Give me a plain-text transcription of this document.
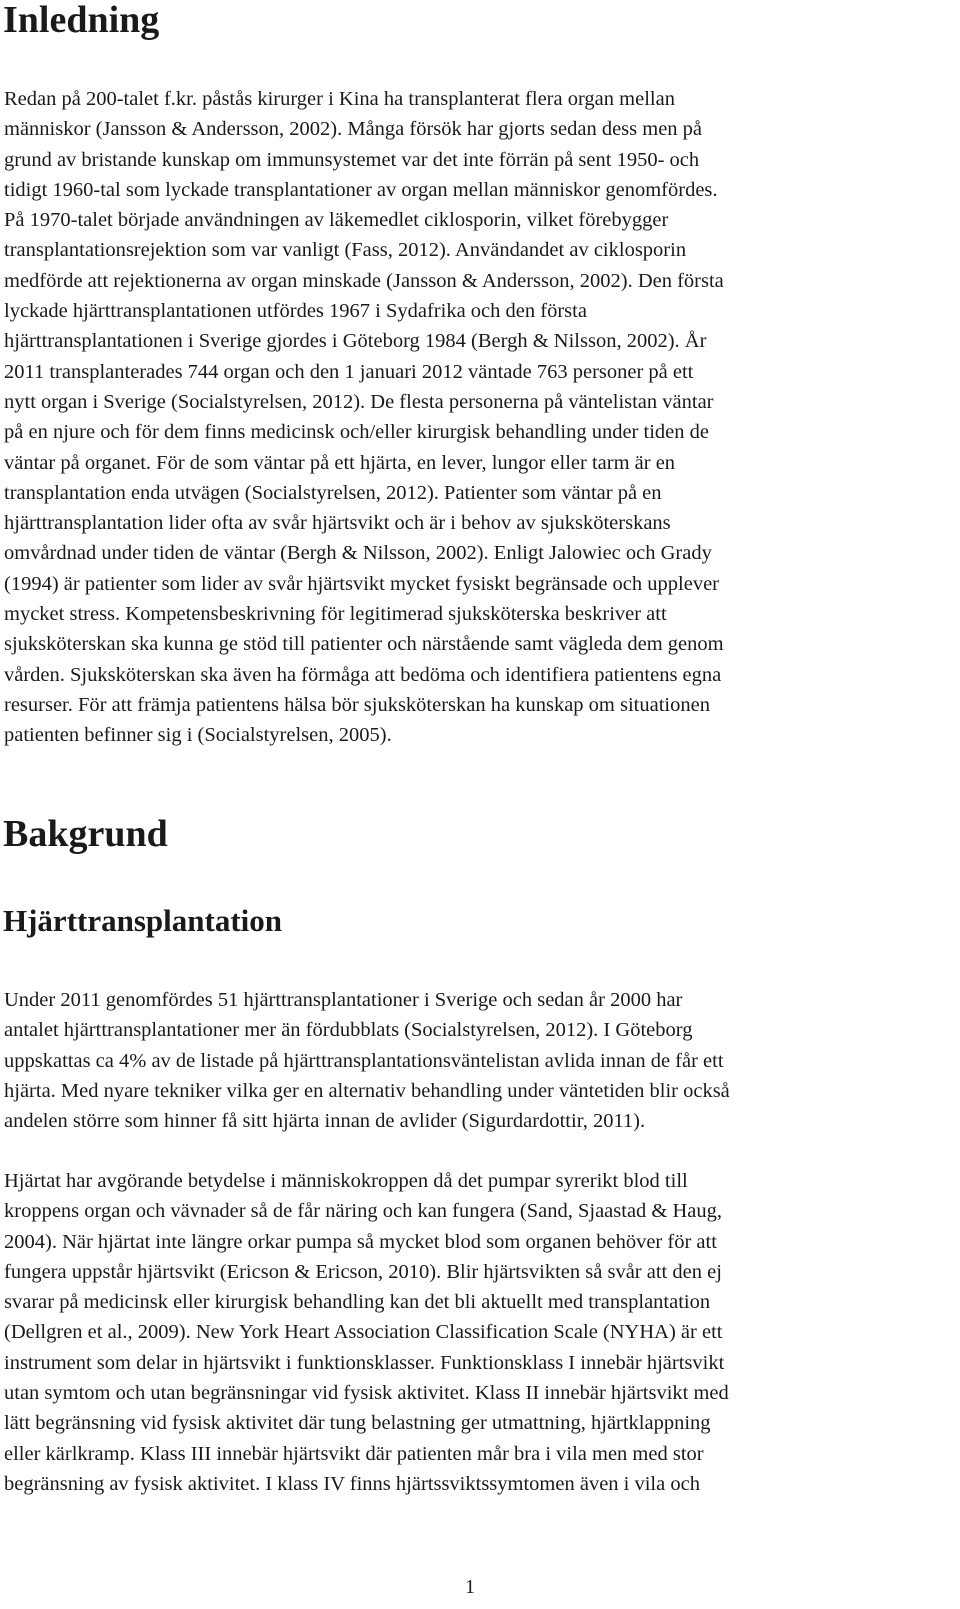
Inledning
Redan på 200-talet f.kr. påstås kirurger i Kina ha transplanterat flera organ mellan
människor (Jansson & Andersson, 2002). Många försök har gjorts sedan dess men på
grund av bristande kunskap om immunsystemet var det inte förrän på sent 1950- och
tidigt 1960-tal som lyckade transplantationer av organ mellan människor genomfördes.
På 1970-talet började användningen av läkemedlet ciklosporin, vilket förebygger
transplantationsrejektion som var vanligt (Fass, 2012). Användandet av ciklosporin
medförde att rejektionerna av organ minskade (Jansson & Andersson, 2002). Den första
lyckade hjärttransplantationen utfördes 1967 i Sydafrika och den första
hjärttransplantationen i Sverige gjordes i Göteborg 1984 (Bergh & Nilsson, 2002). År
2011 transplanterades 744 organ och den 1 januari 2012 väntade 763 personer på ett
nytt organ i Sverige (Socialstyrelsen, 2012). De flesta personerna på väntelistan väntar
på en njure och för dem finns medicinsk och/eller kirurgisk behandling under tiden de
väntar på organet. För de som väntar på ett hjärta, en lever, lungor eller tarm är en
transplantation enda utvägen (Socialstyrelsen, 2012). Patienter som väntar på en
hjärttransplantation lider ofta av svår hjärtsvikt och är i behov av sjuksköterskans
omvårdnad under tiden de väntar (Bergh & Nilsson, 2002). Enligt Jalowiec och Grady
(1994) är patienter som lider av svår hjärtsvikt mycket fysiskt begränsade och upplever
mycket stress. Kompetensbeskrivning för legitimerad sjuksköterska beskriver att
sjuksköterskan ska kunna ge stöd till patienter och närstående samt vägleda dem genom
vården. Sjuksköterskan ska även ha förmåga att bedöma och identifiera patientens egna
resurser. För att främja patientens hälsa bör sjuksköterskan ha kunskap om situationen
patienten befinner sig i (Socialstyrelsen, 2005).
Bakgrund
Hjärttransplantation
Under 2011 genomfördes 51 hjärttransplantationer i Sverige och sedan år 2000 har
antalet hjärttransplantationer mer än fördubblats (Socialstyrelsen, 2012). I Göteborg
uppskattas ca 4% av de listade på hjärttransplantationsväntelistan avlida innan de får ett
hjärta. Med nyare tekniker vilka ger en alternativ behandling under väntetiden blir också
andelen större som hinner få sitt hjärta innan de avlider (Sigurdardottir, 2011).
Hjärtat har avgörande betydelse i människokroppen då det pumpar syrerikt blod till
kroppens organ och vävnader så de får näring och kan fungera (Sand, Sjaastad & Haug,
2004). När hjärtat inte längre orkar pumpa så mycket blod som organen behöver för att
fungera uppstår hjärtsvikt (Ericson & Ericson, 2010). Blir hjärtsvikten så svår att den ej
svarar på medicinsk eller kirurgisk behandling kan det bli aktuellt med transplantation
(Dellgren et al., 2009). New York Heart Association Classification Scale (NYHA) är ett
instrument som delar in hjärtsvikt i funktionsklasser. Funktionsklass I innebär hjärtsvikt
utan symtom och utan begränsningar vid fysisk aktivitet. Klass II innebär hjärtsvikt med
lätt begränsning vid fysisk aktivitet där tung belastning ger utmattning, hjärtklappning
eller kärlkramp. Klass III innebär hjärtsvikt där patienten mår bra i vila men med stor
begränsning av fysisk aktivitet. I klass IV finns hjärtssviktssymtomen även i vila och
1
